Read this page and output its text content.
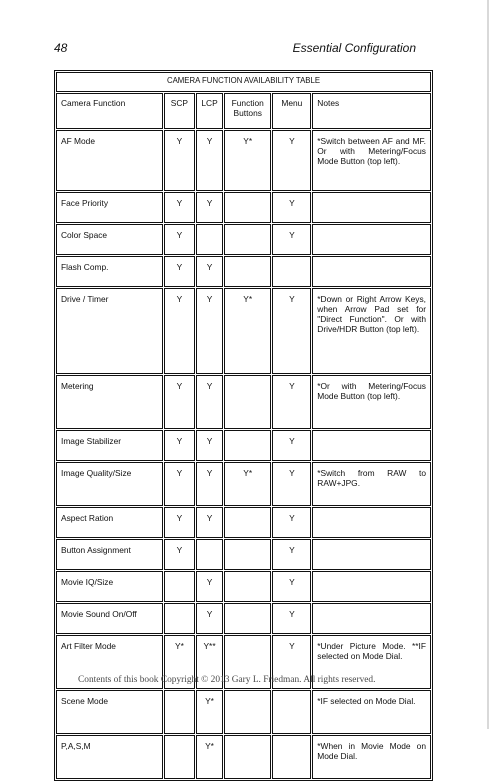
48	Essential Configuration
CAMERA FUNCTION AVAILABILITY TABLE					
Camera Function	SCP	LCP	Function Buttons	Menu	Notes
AF Mode	Y	Y	Y*	Y	*Switch between AF and MF. Or with Metering/Focus Mode Button (top left).
Face Priority	Y	Y		Y	
Color Space	Y			Y	
Flash Comp.	Y	Y			
Drive / Timer	Y	Y	Y*	Y	*Down or Right Arrow Keys, when Arrow Pad set for "Direct Function". Or with Drive/HDR Button (top left).
Metering	Y	Y		Y	*Or with Metering/Focus Mode Button (top left).
Image Stabilizer	Y	Y		Y	
Image Quality/Size	Y	Y	Y*	Y	*Switch from RAW to RAW+JPG.
Aspect Ration	Y	Y		Y	
Button Assignment	Y			Y	
Movie IQ/Size		Y		Y	
Movie Sound On/Off		Y		Y	
Art Filter Mode	Y*	Y**		Y	*Under Picture Mode. **IF selected on Mode Dial.
Scene Mode		Y*			*IF selected on Mode Dial.
P,A,S,M		Y*			*When in Movie Mode on Mode Dial.
Contents of this book Copyright © 2013 Gary L. Friedman. All rights reserved.
